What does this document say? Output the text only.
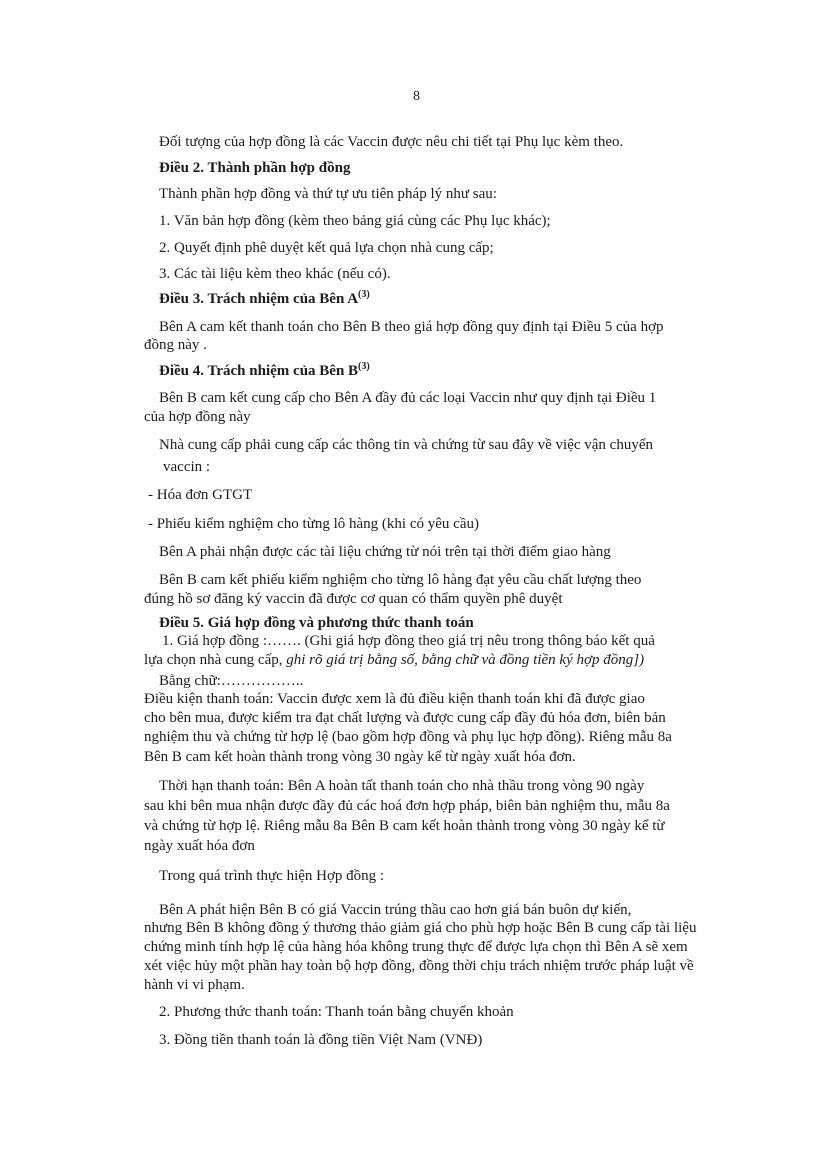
8
Đối tượng của hợp đồng là các Vaccin được nêu chi tiết tại Phụ lục kèm theo.
Điều 2. Thành phần hợp đồng
Thành phần hợp đồng và thứ tự ưu tiên pháp lý như sau:
1. Văn bản hợp đồng (kèm theo bảng giá cùng các Phụ lục khác);
2. Quyết định phê duyệt kết quả lựa chọn nhà cung cấp;
3. Các tài liệu kèm theo khác (nếu có).
Điều 3. Trách nhiệm của Bên $A^{(3)}$
Bên A cam kết thanh toán cho Bên B theo giá hợp đồng quy định tại Điều 5 của hợp
đồng này .
Điều 4. Trách nhiệm của Bên $B^{(3)}$
Bên B cam kết cung cấp cho Bên A đầy đủ các loại Vaccin như quy định tại Điều 1
của hợp đồng này
Nhà cung cấp phải cung cấp các thông tin và chứng từ sau đây về việc vận chuyển
vaccin :
- Hóa đơn GTGT
- Phiếu kiểm nghiệm cho từng lô hàng (khi có yêu cầu)
Bên A phải nhận được các tài liệu chứng từ nói trên tại thời điểm giao hàng
Bên B cam kết phiếu kiểm nghiệm cho từng lô hàng đạt yêu cầu chất lượng theo
đúng hồ sơ đăng ký vaccin đã được cơ quan có thẩm quyền phê duyệt
Điều 5. Giá hợp đồng và phương thức thanh toán
1. Giá hợp đồng :……. (Ghi giá hợp đồng theo giá trị nêu trong thông báo kết quả
lựa chọn nhà cung cấp, ghi rõ giá trị bằng số, bằng chữ và đồng tiền ký hợp đồng])
Bằng chữ:……………..
Điều kiện thanh toán: Vaccin được xem là đủ điều kiện thanh toán khi đã được giao
cho bên mua, được kiểm tra đạt chất lượng và được cung cấp đầy đủ hóa đơn, biên bản
nghiệm thu và chứng từ hợp lệ (bao gồm hợp đồng và phụ lục hợp đồng). Riêng mẫu 8a
Bên B cam kết hoàn thành trong vòng 30 ngày kể từ ngày xuất hóa đơn.
Thời hạn thanh toán: Bên A hoàn tất thanh toán cho nhà thầu trong vòng 90 ngày
sau khi bên mua nhận được đầy đủ các hoá đơn hợp pháp, biên bản nghiệm thu, mẫu 8a
và chứng từ hợp lệ. Riêng mẫu 8a Bên B cam kết hoàn thành trong vòng 30 ngày kể từ
ngày xuất hóa đơn
Trong quá trình thực hiện Hợp đồng :
Bên A phát hiện Bên B có giá Vaccin trúng thầu cao hơn giá bán buôn dự kiến,
nhưng Bên B không đồng ý thương thảo giảm giá cho phù hợp hoặc Bên B cung cấp tài liệu
chứng minh tính hợp lệ của hàng hóa không trung thực để được lựa chọn thì Bên A sẽ xem
xét việc hủy một phần hay toàn bộ hợp đồng, đồng thời chịu trách nhiệm trước pháp luật về
hành vi vi phạm.
2. Phương thức thanh toán: Thanh toán bằng chuyển khoản
3. Đồng tiền thanh toán là đồng tiền Việt Nam (VNĐ)
